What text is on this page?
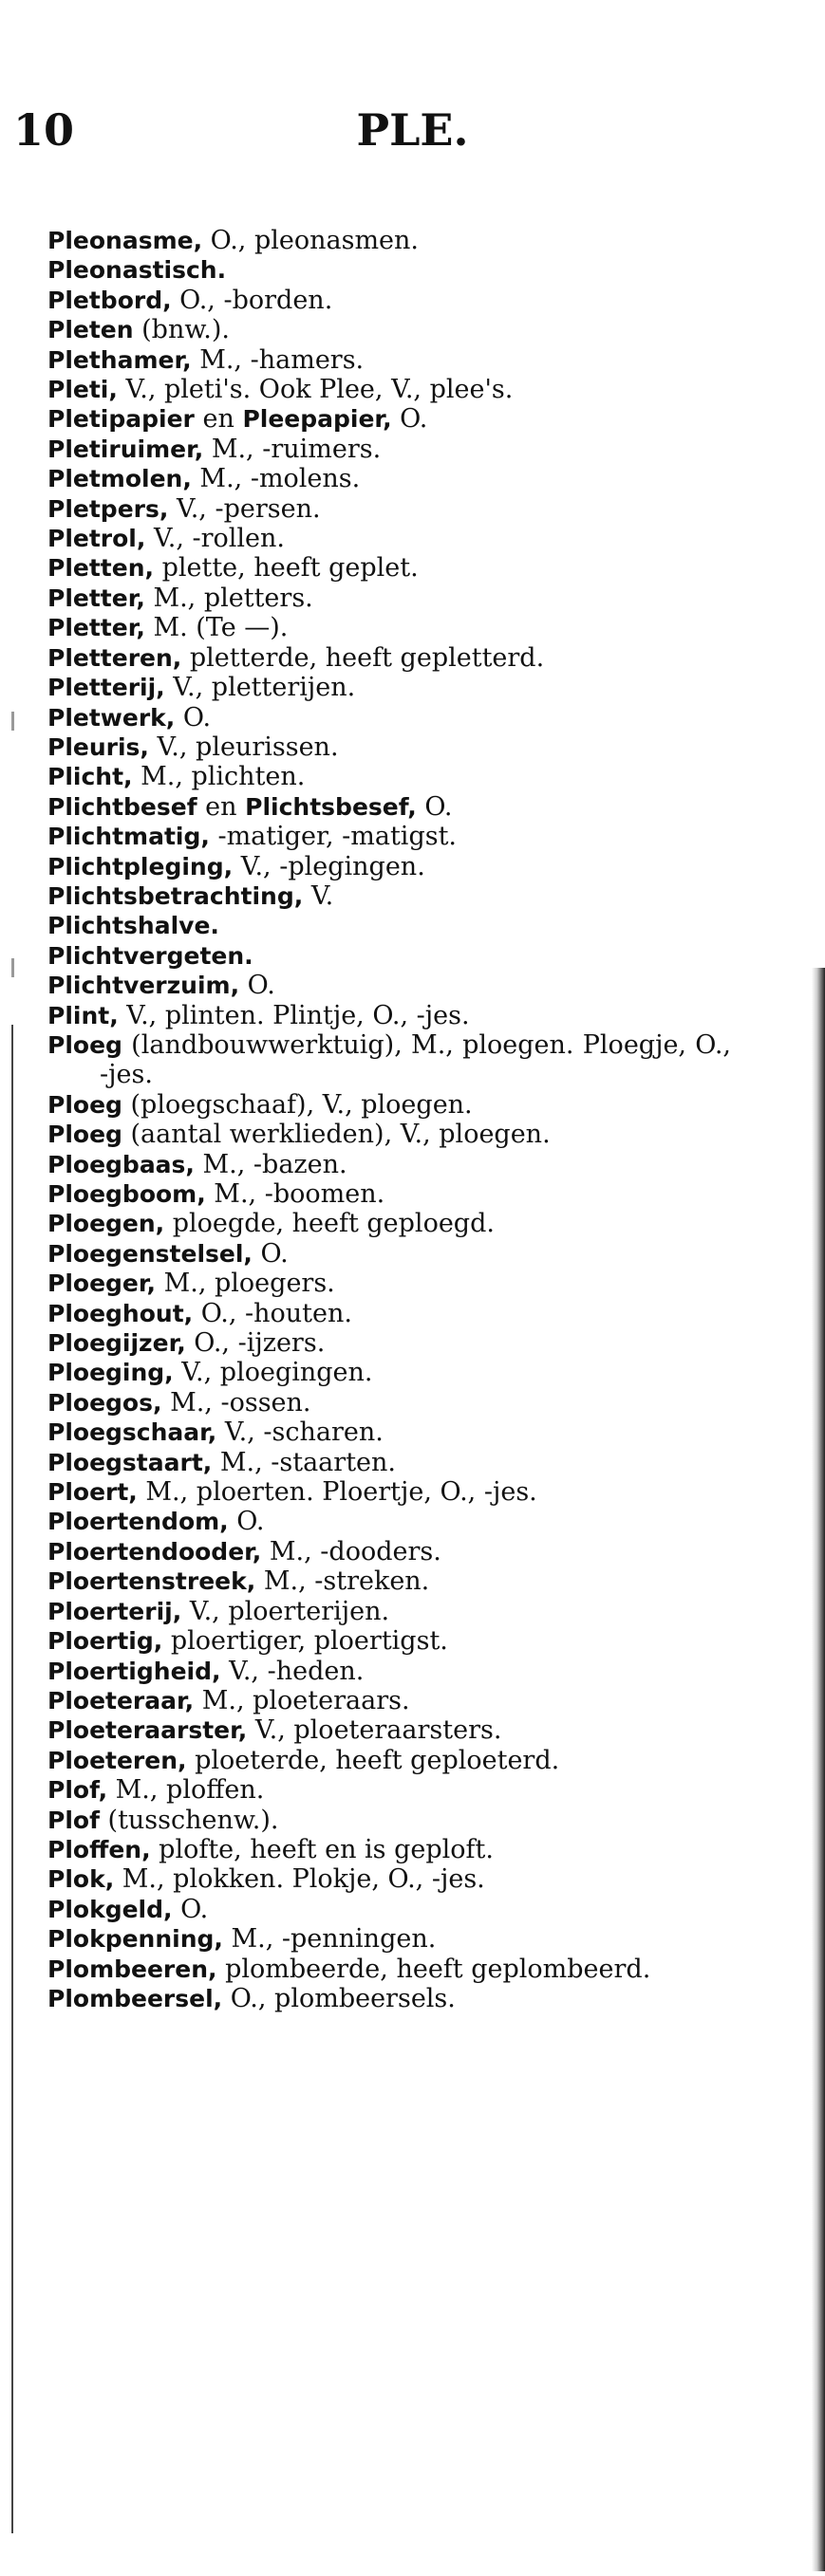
10	PLE.
Pleonasme, O., pleonasmen.
Pleonastisch.
Pletbord, O., -borden.
Pleten (bnw.).
Plethamer, M., -hamers.
Pleti, V., pleti's. Ook Plee, V., plee's.
Pletipapier en Pleepapier, O.
Pletiruimer, M., -ruimers.
Pletmolen, M., -molens.
Pletpers, V., -persen.
Pletrol, V., -rollen.
Pletten, plette, heeft geplet.
Pletter, M., pletters.
Pletter, M. (Te —).
Pletteren, pletterde, heeft gepletterd.
Pletterij, V., pletterijen.
Pletwerk, O.
Pleuris, V., pleurissen.
Plicht, M., plichten.
Plichtbesef en Plichtsbesef, O.
Plichtmatig, -matiger, -matigst.
Plichtpleging, V., -plegingen.
Plichtsbetrachting, V.
Plichtshalve.
Plichtvergeten.
Plichtverzuim, O.
Plint, V., plinten. Plintje, O., -jes.
Ploeg (landbouwwerktuig), M., ploegen. Ploegje, O., -jes.
Ploeg (ploegschaaf), V., ploegen.
Ploeg (aantal werklieden), V., ploegen.
Ploegbaas, M., -bazen.
Ploegboom, M., -boomen.
Ploegen, ploegde, heeft geploegd.
Ploegenstelsel, O.
Ploeger, M., ploegers.
Ploeghout, O., -houten.
Ploegijzer, O., -ijzers.
Ploeging, V., ploegingen.
Ploegos, M., -ossen.
Ploegschaar, V., -scharen.
Ploegstaart, M., -staarten.
Ploert, M., ploerten. Ploertje, O., -jes.
Ploertendom, O.
Ploertendooder, M., -dooders.
Ploertenstreek, M., -streken.
Ploerterij, V., ploerterijen.
Ploertig, ploertiger, ploertigst.
Ploertigheid, V., -heden.
Ploeteraar, M., ploeteraars.
Ploeteraarster, V., ploeteraarsters.
Ploeteren, ploeterde, heeft geploeterd.
Plof, M., ploffen.
Plof (tusschenw.).
Ploffen, plofte, heeft en is geploft.
Plok, M., plokken. Plokje, O., -jes.
Plokgeld, O.
Plokpenning, M., -penningen.
Plombeeren, plombeerde, heeft geplombeerd.
Plombeersel, O., plombeersels.
